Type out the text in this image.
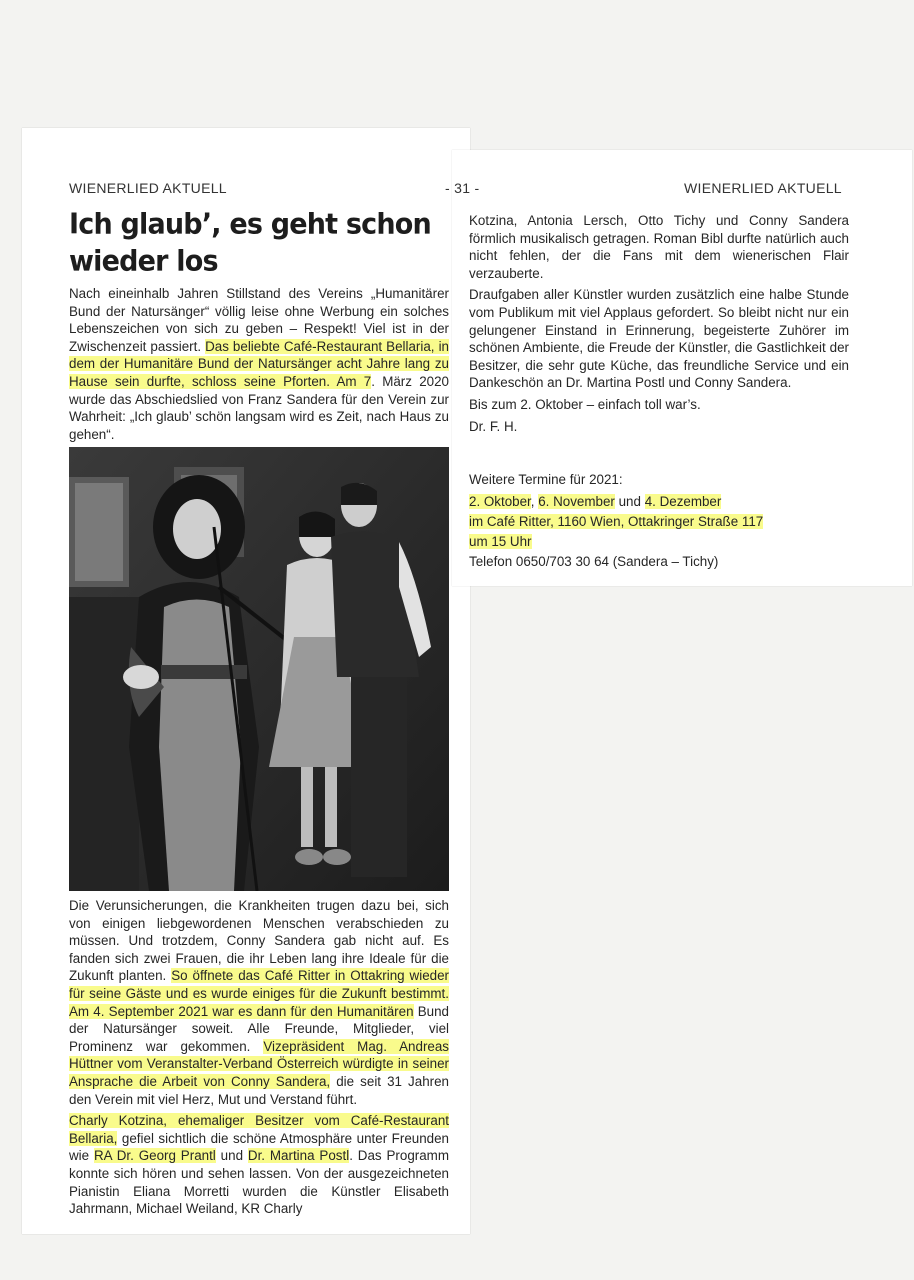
WIENERLIED AKTUELL	- 31 -	WIENERLIED AKTUELL
Ich glaub’, es geht schon
wieder los

Nach eineinhalb Jahren Stillstand des Vereins „Humanitärer Bund der Natursänger“ völlig leise ohne Werbung ein solches Lebenszeichen von sich zu geben – Respekt! Viel ist in der Zwischenzeit passiert. Das beliebte Café-Restaurant Bellaria, in dem der Humanitäre Bund der Natursänger acht Jahre lang zu Hause sein durfte, schloss seine Pforten. Am 7. März 2020 wurde das Abschiedslied von Franz Sandera für den Verein zur Wahrheit: „Ich glaub’ schön langsam wird es Zeit, nach Haus zu gehen“.

Die Verunsicherungen, die Krankheiten trugen dazu bei, sich von einigen liebgewordenen Menschen verabschieden zu müssen. Und trotzdem, Conny Sandera gab nicht auf. Es fanden sich zwei Frauen, die ihr Leben lang ihre Ideale für die Zukunft planten. So öffnete das Café Ritter in Ottakring wieder für seine Gäste und es wurde einiges für die Zukunft bestimmt. Am 4. September 2021 war es dann für den Humanitären Bund der Natursänger soweit. Alle Freunde, Mitglieder, viel Prominenz war gekommen. Vizepräsident Mag. Andreas Hüttner vom Veranstalter-Verband Österreich würdigte in seiner Ansprache die Arbeit von Conny Sandera, die seit 31 Jahren den Verein mit viel Herz, Mut und Verstand führt.

Charly Kotzina, ehemaliger Besitzer vom Café-Restaurant Bellaria, gefiel sichtlich die schöne Atmosphäre unter Freunden wie RA Dr. Georg Prantl und Dr. Martina Postl. Das Programm konnte sich hören und sehen lassen. Von der ausgezeichneten Pianistin Eliana Morretti wurden die Künstler Elisabeth Jahrmann, Michael Weiland, KR Charly

Kotzina, Antonia Lersch, Otto Tichy und Conny Sandera förmlich musikalisch getragen. Roman Bibl durfte natürlich auch nicht fehlen, der die Fans mit dem wienerischen Flair verzauberte.

Draufgaben aller Künstler wurden zusätzlich eine halbe Stunde vom Publikum mit viel Applaus gefordert. So bleibt nicht nur ein gelungener Einstand in Erinnerung, begeisterte Zuhörer im schönen Ambiente, die Freude der Künstler, die Gastlichkeit der Besitzer, die sehr gute Küche, das freundliche Service und ein Dankeschön an Dr. Martina Postl und Conny Sandera.

Bis zum 2. Oktober – einfach toll war’s.

Dr. F. H.

Weitere Termine für 2021:
2. Oktober, 6. November und 4. Dezember
im Café Ritter, 1160 Wien, Ottakringer Straße 117
um 15 Uhr
Telefon 0650/703 30 64 (Sandera – Tichy)
